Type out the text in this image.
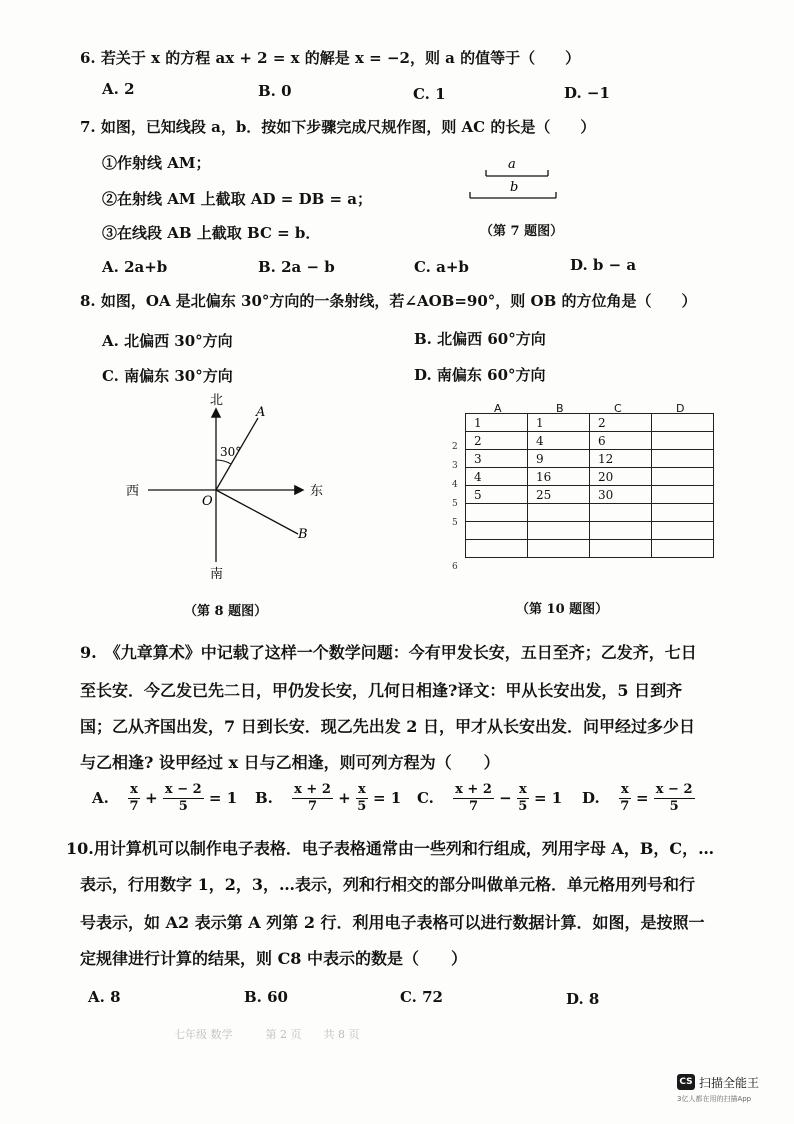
6. 若关于 x 的方程 ax + 2 = x 的解是 x = −2，则 a 的值等于（　　）
A. 2	B. 0	C. 1	D. −1
7. 如图，已知线段 a，b．按如下步骤完成尺规作图，则 AC 的长是（　　）
①作射线 AM；
②在射线 AM 上截取 AD = DB = a；
③在线段 AB 上截取 BC = b．
a
b
（第 7 题图）
A. 2a+b	B. 2a − b	C. a+b	D. b − a
8. 如图，OA 是北偏东 30°方向的一条射线，若∠AOB=90°，则 OB 的方位角是（　　）
A. 北偏西 30°方向	B. 北偏西 60°方向
C. 南偏东 30°方向	D. 南偏东 60°方向
北
南
西	东
O
A
B
30°
（第 8 题图）
A	B	C	D
2
3
4
5
5
6
1	1	2	
2	4	6	
3	9	12	
4	16	20	
5	25	30	

（第 10 题图）
9.　《九章算术》中记载了这样一个数学问题：今有甲发长安，五日至齐；乙发齐，七日
至长安．今乙发已先二日，甲仍发长安，几何日相逢?译文：甲从长安出发，5 日到齐
国；乙从齐国出发，7 日到长安．现乙先出发 2 日，甲才从长安出发．问甲经过多少日
与乙相逢? 设甲经过 x 日与乙相逢，则可列方程为（　　）
A. $\frac{x}{7} + \frac{x - 2}{5} = 1$ B. $\frac{x + 2}{7} + \frac{x}{5} = 1$ C. $\frac{x + 2}{7} - \frac{x}{5} = 1$ D. $\frac{x}{7} = \frac{x - 2}{5}$
10.用计算机可以制作电子表格．电子表格通常由一些列和行组成，列用字母 A，B，C，…
表示，行用数字 1，2，3，…表示，列和行相交的部分叫做单元格．单元格用列号和行
号表示，如 A2 表示第 A 列第 2 行．利用电子表格可以进行数据计算．如图，是按照一
定规律进行计算的结果，则 C8 中表示的数是（　　）
A. 8	B. 60	C. 72	D. 8
七年级 数学　　　第 2 页　　共 8 页
CS 扫描全能王
3亿人都在用的扫描App
